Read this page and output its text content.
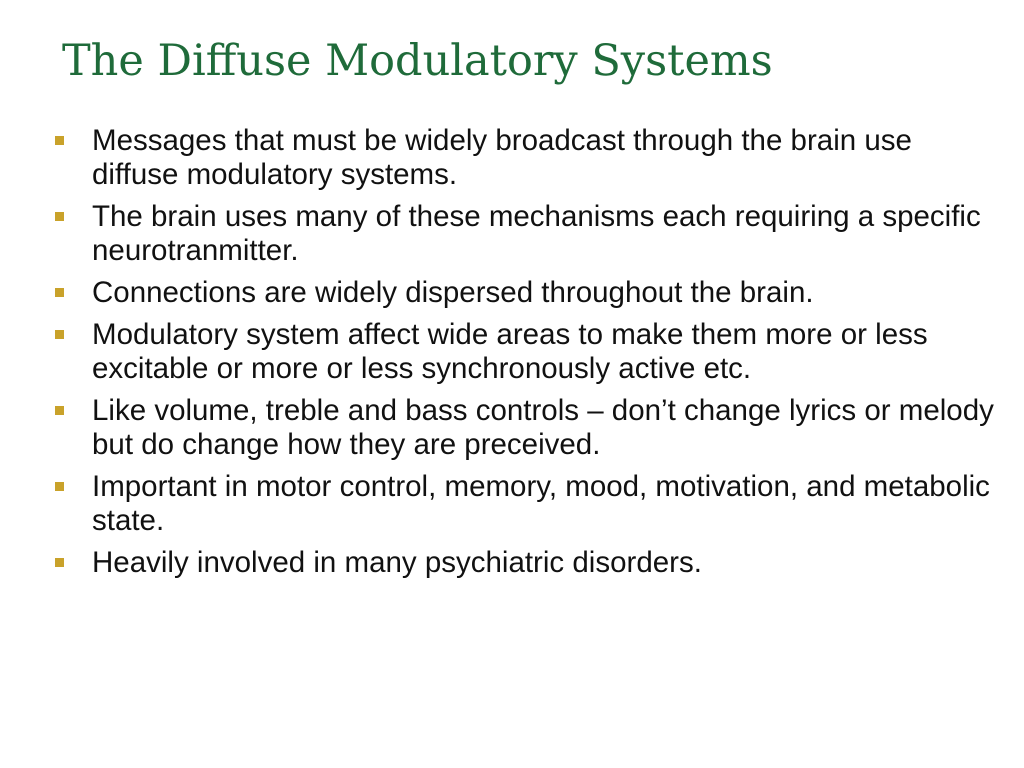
The Diffuse Modulatory Systems
Messages that must be widely broadcast through the brain use diffuse modulatory systems.
The brain uses many of these mechanisms each requiring a specific neurotranmitter.
Connections are widely dispersed throughout the brain.
Modulatory system affect wide areas to make them more or less excitable or more or less synchronously active etc.
Like volume, treble and bass controls – don’t change lyrics or melody but do change how they are preceived.
Important in motor control, memory, mood, motivation, and metabolic state.
Heavily involved in many psychiatric disorders.
